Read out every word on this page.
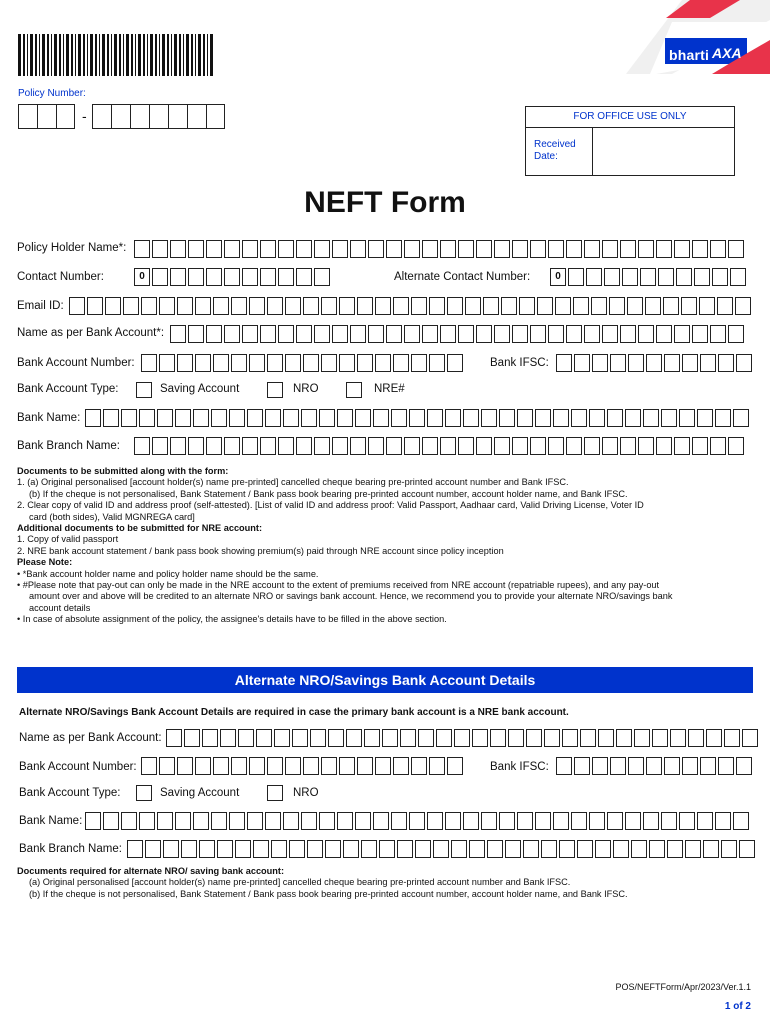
bharti AXA
Policy Number:
-	FOR OFFICE USE ONLY
Received Date:
NEFT Form
Policy Holder Name*:
Contact Number:	0	Alternate Contact Number:	0
Email ID:
Name as per Bank Account*:
Bank Account Number:	Bank IFSC:
Bank Account Type:	Saving Account	NRO	NRE#
Bank Name:
Bank Branch Name:
Documents to be submitted along with the form:
1. (a) Original personalised [account holder(s) name pre-printed] cancelled cheque bearing pre-printed account number and Bank IFSC.
(b) If the cheque is not personalised, Bank Statement / Bank pass book bearing pre-printed account number, account holder name, and Bank IFSC.
2. Clear copy of valid ID and address proof (self-attested). [List of valid ID and address proof: Valid Passport, Aadhaar card, Valid Driving License, Voter ID
card (both sides), Valid MGNREGA card]
Additional documents to be submitted for NRE account:
1. Copy of valid passport
2. NRE bank account statement / bank pass book showing premium(s) paid through NRE account since policy inception
Please Note:
• *Bank account holder name and policy holder name should be the same.
• #Please note that pay-out can only be made in the NRE account to the extent of premiums received from NRE account (repatriable rupees), and any pay-out
amount over and above will be credited to an alternate NRO or savings bank account. Hence, we recommend you to provide your alternate NRO/savings bank
account details
• In case of absolute assignment of the policy, the assignee's details have to be filled in the above section.
Alternate NRO/Savings Bank Account Details
Alternate NRO/Savings Bank Account Details are required in case the primary bank account is a NRE bank account.
Name as per Bank Account:
Bank Account Number:	Bank IFSC:
Bank Account Type:	Saving Account	NRO
Bank Name:
Bank Branch Name:
Documents required for alternate NRO/ saving bank account:
(a) Original personalised [account holder(s) name pre-printed] cancelled cheque bearing pre-printed account number and Bank IFSC.
(b) If the cheque is not personalised, Bank Statement / Bank pass book bearing pre-printed account number, account holder name, and Bank IFSC.
POS/NEFTForm/Apr/2023/Ver.1.1
1 of 2
